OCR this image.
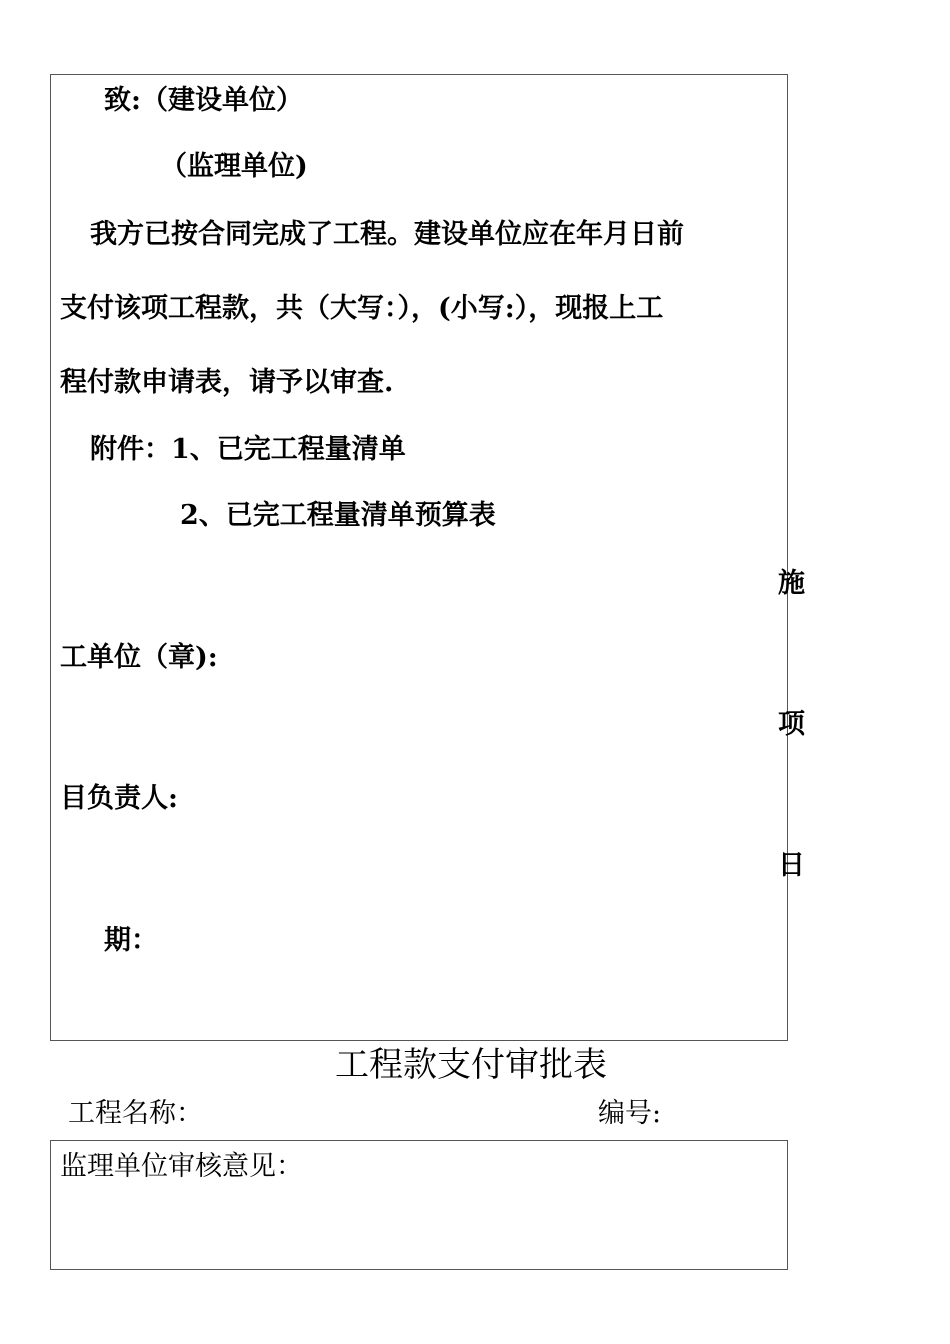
致:（建设单位）
（监理单位)
我方已按合同完成了工程。建设单位应在年月日前
支付该项工程款，共（大写：），(小写:），现报上工
程付款申请表，请予以审查.
附件：1、已完工程量清单
2、已完工程量清单预算表
施
工单位（章):
项
目负责人:
日
期：
工程款支付审批表
工程名称：	编号:
监理单位审核意见：
